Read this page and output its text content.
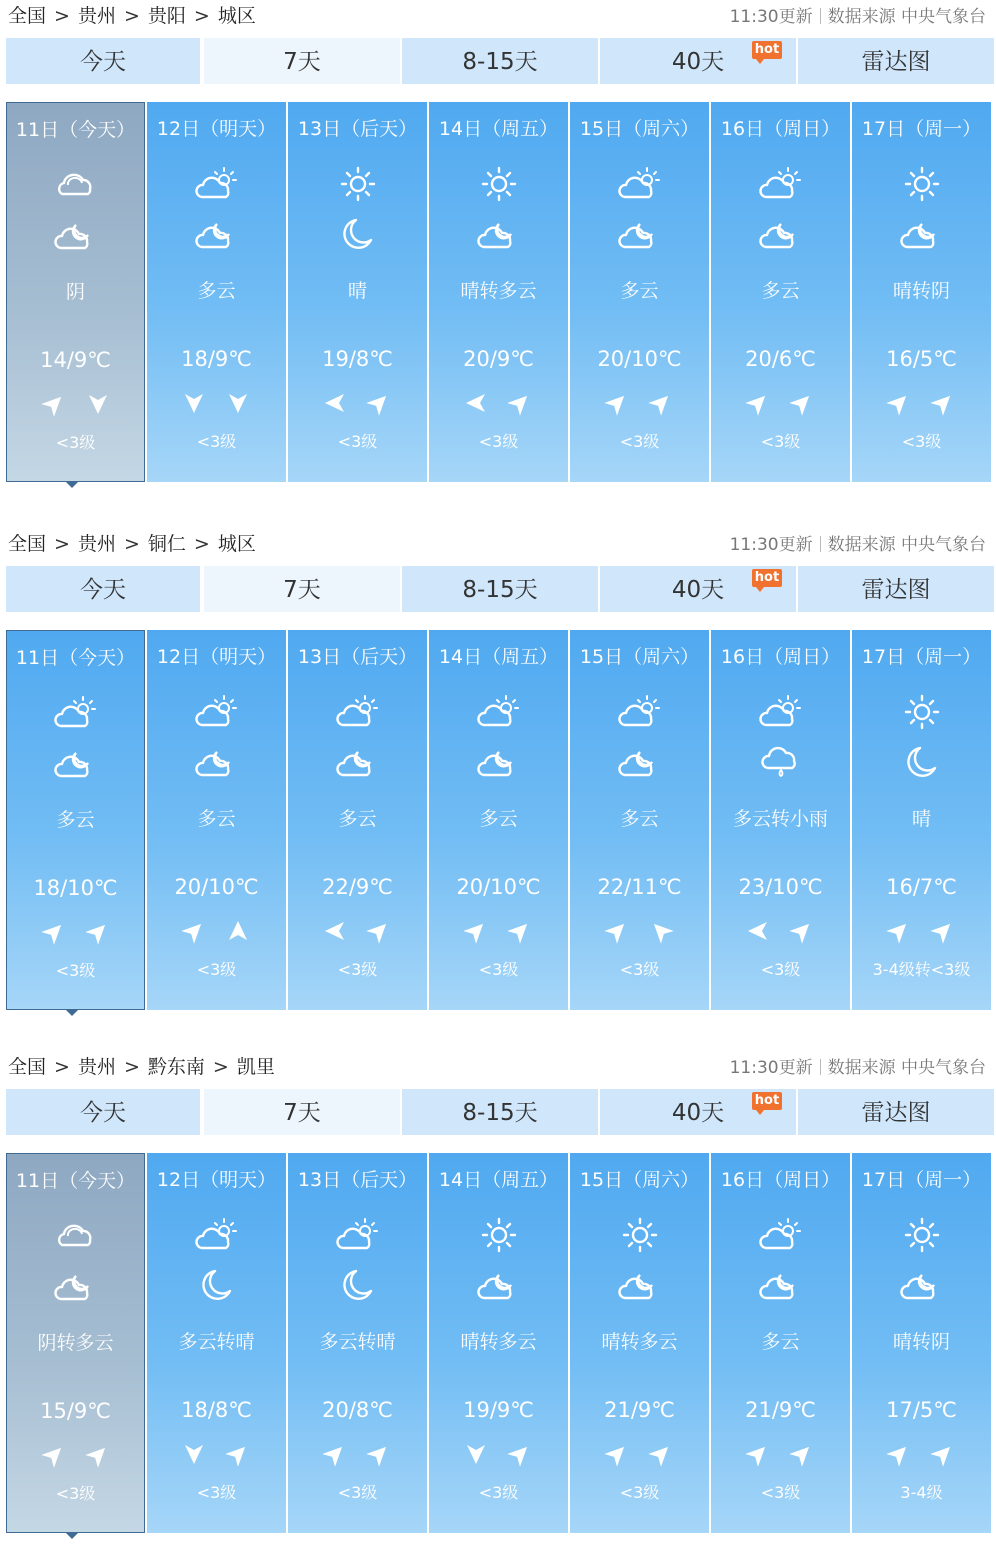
全国 > 贵州 > 贵阳 > 城区	11:30更新 数据来源 中央气象台
今天	7天	8-15天	40天 hot	雷达图
11日（今天）
阴
14/9℃
<3级
12日（明天）
多云
18/9℃
<3级
13日（后天）
晴
19/8℃
<3级
14日（周五）
晴转多云
20/9℃
<3级
15日（周六）
多云
20/10℃
<3级
16日（周日）
多云
20/6℃
<3级
17日（周一）
晴转阴
16/5℃
<3级
全国 > 贵州 > 铜仁 > 城区	11:30更新 数据来源 中央气象台
今天	7天	8-15天	40天 hot	雷达图
11日（今天）
多云
18/10℃
<3级
12日（明天）
多云
20/10℃
<3级
13日（后天）
多云
22/9℃
<3级
14日（周五）
多云
20/10℃
<3级
15日（周六）
多云
22/11℃
<3级
16日（周日）
多云转小雨
23/10℃
<3级
17日（周一）
晴
16/7℃
3-4级转<3级
全国 > 贵州 > 黔东南 > 凯里	11:30更新 数据来源 中央气象台
今天	7天	8-15天	40天 hot	雷达图
11日（今天）
阴转多云
15/9℃
<3级
12日（明天）
多云转晴
18/8℃
<3级
13日（后天）
多云转晴
20/8℃
<3级
14日（周五）
晴转多云
19/9℃
<3级
15日（周六）
晴转多云
21/9℃
<3级
16日（周日）
多云
21/9℃
<3级
17日（周一）
晴转阴
17/5℃
3-4级
